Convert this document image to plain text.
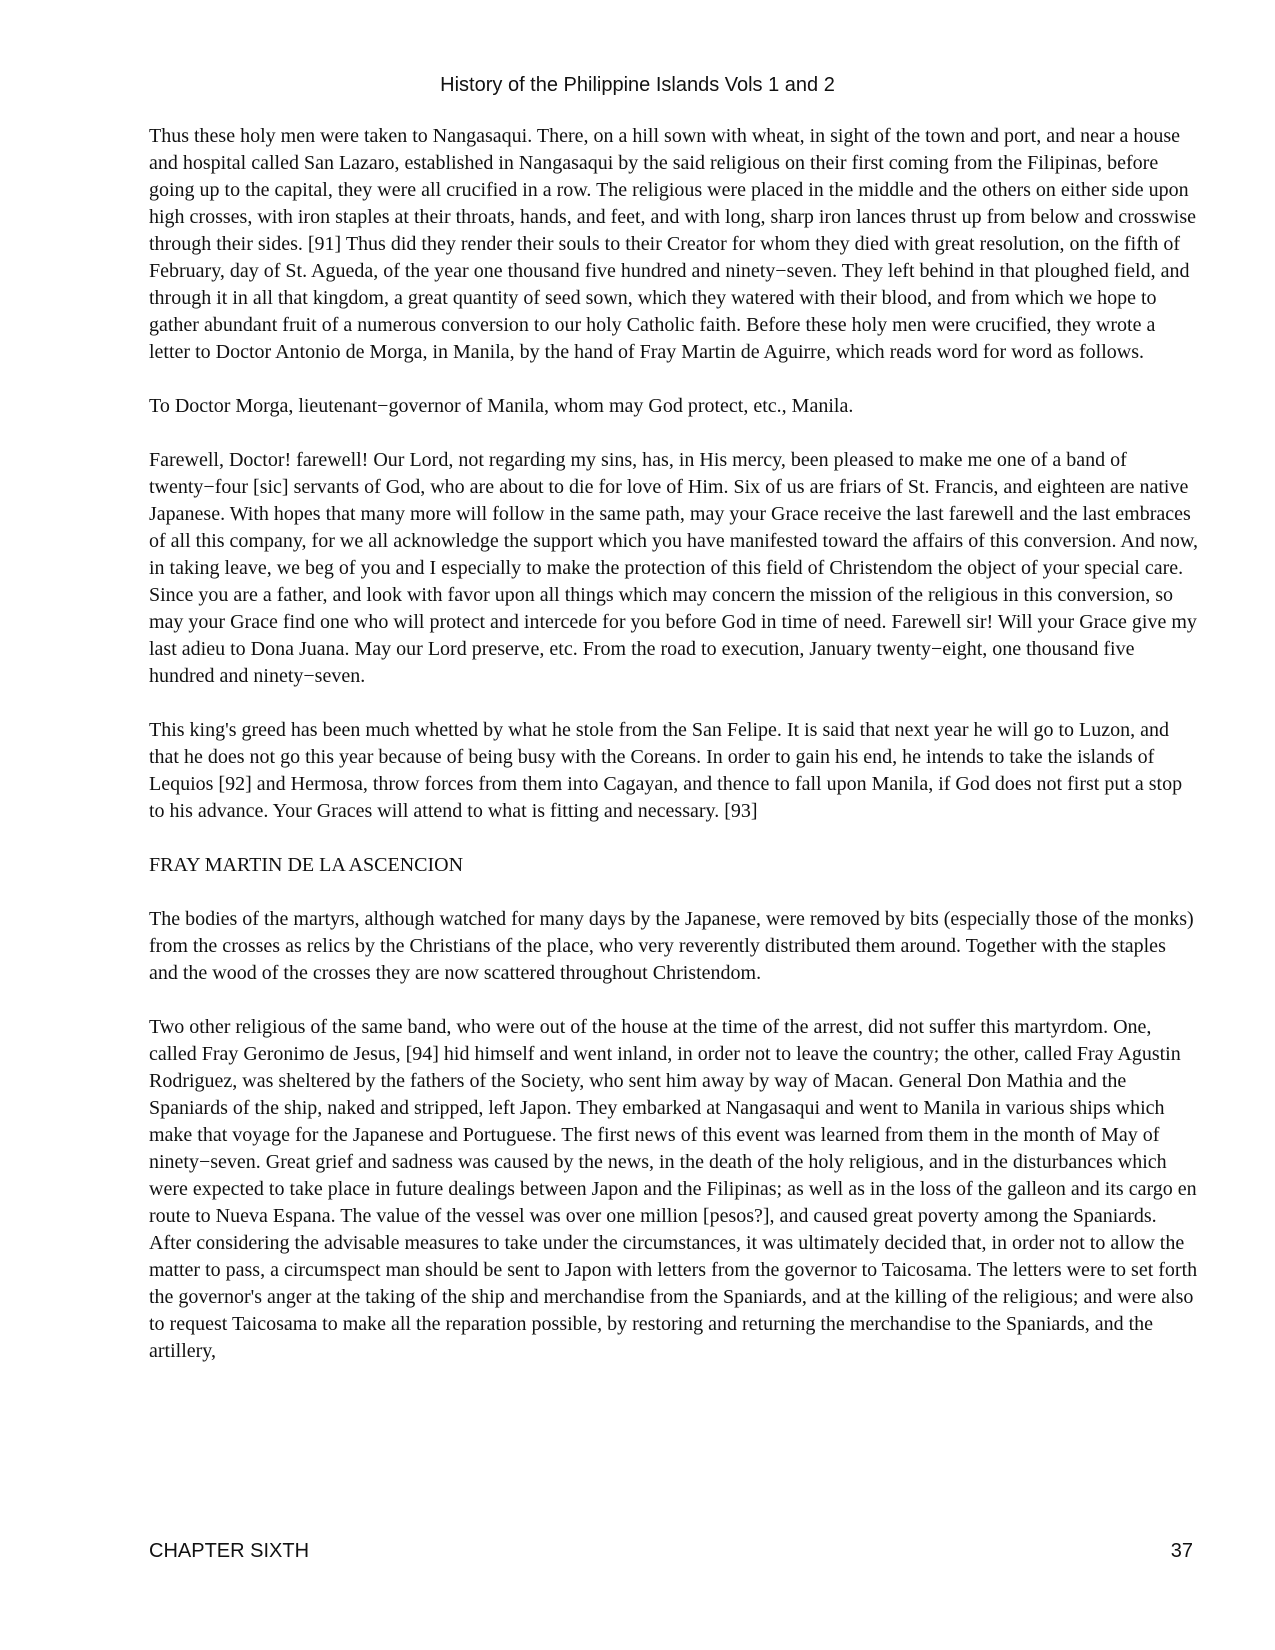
History of the Philippine Islands Vols 1 and 2

Thus these holy men were taken to Nangasaqui. There, on a hill sown with wheat, in sight of the town and port, and near a house and hospital called San Lazaro, established in Nangasaqui by the said religious on their first coming from the Filipinas, before going up to the capital, they were all crucified in a row. The religious were placed in the middle and the others on either side upon high crosses, with iron staples at their throats, hands, and feet, and with long, sharp iron lances thrust up from below and crosswise through their sides. [91] Thus did they render their souls to their Creator for whom they died with great resolution, on the fifth of February, day of St. Agueda, of the year one thousand five hundred and ninety−seven. They left behind in that ploughed field, and through it in all that kingdom, a great quantity of seed sown, which they watered with their blood, and from which we hope to gather abundant fruit of a numerous conversion to our holy Catholic faith. Before these holy men were crucified, they wrote a letter to Doctor Antonio de Morga, in Manila, by the hand of Fray Martin de Aguirre, which reads word for word as follows.

To Doctor Morga, lieutenant−governor of Manila, whom may God protect, etc., Manila.

Farewell, Doctor! farewell! Our Lord, not regarding my sins, has, in His mercy, been pleased to make me one of a band of twenty−four [sic] servants of God, who are about to die for love of Him. Six of us are friars of St. Francis, and eighteen are native Japanese. With hopes that many more will follow in the same path, may your Grace receive the last farewell and the last embraces of all this company, for we all acknowledge the support which you have manifested toward the affairs of this conversion. And now, in taking leave, we beg of you and I especially to make the protection of this field of Christendom the object of your special care. Since you are a father, and look with favor upon all things which may concern the mission of the religious in this conversion, so may your Grace find one who will protect and intercede for you before God in time of need. Farewell sir! Will your Grace give my last adieu to Dona Juana. May our Lord preserve, etc. From the road to execution, January twenty−eight, one thousand five hundred and ninety−seven.

This king's greed has been much whetted by what he stole from the San Felipe. It is said that next year he will go to Luzon, and that he does not go this year because of being busy with the Coreans. In order to gain his end, he intends to take the islands of Lequios [92] and Hermosa, throw forces from them into Cagayan, and thence to fall upon Manila, if God does not first put a stop to his advance. Your Graces will attend to what is fitting and necessary. [93]

FRAY MARTIN DE LA ASCENCION

The bodies of the martyrs, although watched for many days by the Japanese, were removed by bits (especially those of the monks) from the crosses as relics by the Christians of the place, who very reverently distributed them around. Together with the staples and the wood of the crosses they are now scattered throughout Christendom.

Two other religious of the same band, who were out of the house at the time of the arrest, did not suffer this martyrdom. One, called Fray Geronimo de Jesus, [94] hid himself and went inland, in order not to leave the country; the other, called Fray Agustin Rodriguez, was sheltered by the fathers of the Society, who sent him away by way of Macan. General Don Mathia and the Spaniards of the ship, naked and stripped, left Japon. They embarked at Nangasaqui and went to Manila in various ships which make that voyage for the Japanese and Portuguese. The first news of this event was learned from them in the month of May of ninety−seven. Great grief and sadness was caused by the news, in the death of the holy religious, and in the disturbances which were expected to take place in future dealings between Japon and the Filipinas; as well as in the loss of the galleon and its cargo en route to Nueva Espana. The value of the vessel was over one million [pesos?], and caused great poverty among the Spaniards. After considering the advisable measures to take under the circumstances, it was ultimately decided that, in order not to allow the matter to pass, a circumspect man should be sent to Japon with letters from the governor to Taicosama. The letters were to set forth the governor's anger at the taking of the ship and merchandise from the Spaniards, and at the killing of the religious; and were also to request Taicosama to make all the reparation possible, by restoring and returning the merchandise to the Spaniards, and the artillery,

CHAPTER SIXTH	37
